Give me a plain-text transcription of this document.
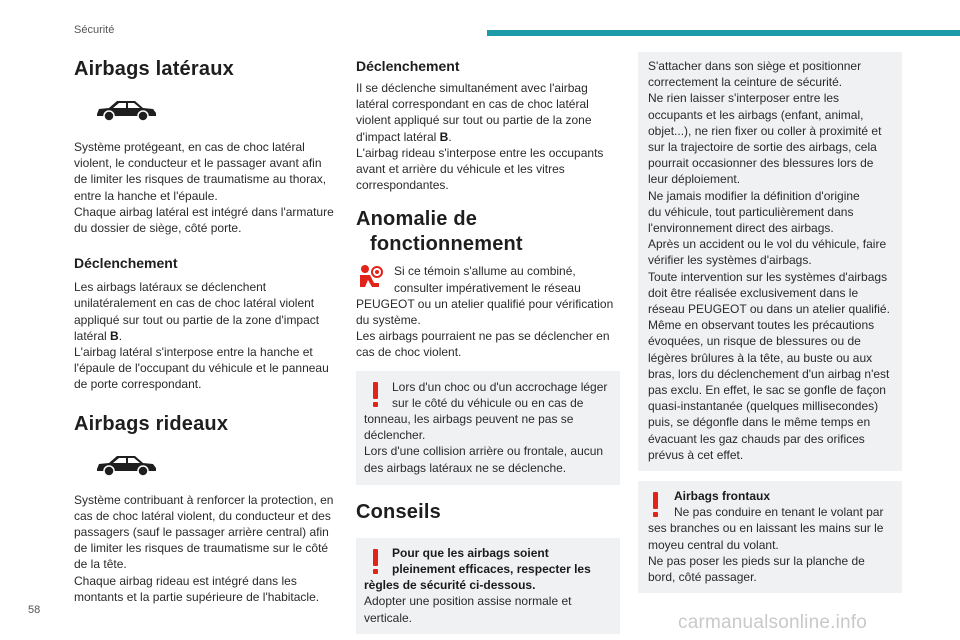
Sécurité
58
carmanualsonline.info
Airbags latéraux

Système protégeant, en cas de choc latéral
violent, le conducteur et le passager avant afin
de limiter les risques de traumatisme au thorax,
entre la hanche et l'épaule.
Chaque airbag latéral est intégré dans l'armature
du dossier de siège, côté porte.

Déclenchement

Les airbags latéraux se déclenchent
unilatéralement en cas de choc latéral violent
appliqué sur tout ou partie de la zone d'impact
latéral B.
L'airbag latéral s'interpose entre la hanche et
l'épaule de l'occupant du véhicule et le panneau
de porte correspondant.

Airbags rideaux

Système contribuant à renforcer la protection, en
cas de choc latéral violent, du conducteur et des
passagers (sauf le passager arrière central) afin
de limiter les risques de traumatisme sur le côté
de la tête.
Chaque airbag rideau est intégré dans les
montants et la partie supérieure de l'habitacle.

Déclenchement

Il se déclenche simultanément avec l'airbag
latéral correspondant en cas de choc latéral
violent appliqué sur tout ou partie de la zone
d'impact latéral B.
L'airbag rideau s'interpose entre les occupants
avant et arrière du véhicule et les vitres
correspondantes.

Anomalie de
fonctionnement

Si ce témoin s'allume au combiné,
consulter impérativement le réseau

PEUGEOT ou un atelier qualifié pour vérification
du système.
Les airbags pourraient ne pas se déclencher en
cas de choc violent.

Lors d'un choc ou d'un accrochage léger
sur le côté du véhicule ou en cas de
tonneau, les airbags peuvent ne pas se
déclencher.
Lors d'une collision arrière ou frontale, aucun
des airbags latéraux ne se déclenche.

Conseils

Pour que les airbags soient
pleinement efficaces, respecter les
règles de sécurité ci-dessous.
Adopter une position assise normale et
verticale.

S'attacher dans son siège et positionner
correctement la ceinture de sécurité.
Ne rien laisser s'interposer entre les
occupants et les airbags (enfant, animal,
objet...), ne rien fixer ou coller à proximité et
sur la trajectoire de sortie des airbags, cela
pourrait occasionner des blessures lors de
leur déploiement.
Ne jamais modifier la définition d'origine
du véhicule, tout particulièrement dans
l'environnement direct des airbags.
Après un accident ou le vol du véhicule, faire
vérifier les systèmes d'airbags.
Toute intervention sur les systèmes d'airbags
doit être réalisée exclusivement dans le
réseau PEUGEOT ou dans un atelier qualifié.
Même en observant toutes les précautions
évoquées, un risque de blessures ou de
légères brûlures à la tête, au buste ou aux
bras, lors du déclenchement d'un airbag n'est
pas exclu. En effet, le sac se gonfle de façon
quasi-instantanée (quelques millisecondes)
puis, se dégonfle dans le même temps en
évacuant les gaz chauds par des orifices
prévus à cet effet.

Airbags frontaux
Ne pas conduire en tenant le volant par
ses branches ou en laissant les mains sur le
moyeu central du volant.
Ne pas poser les pieds sur la planche de
bord, côté passager.
